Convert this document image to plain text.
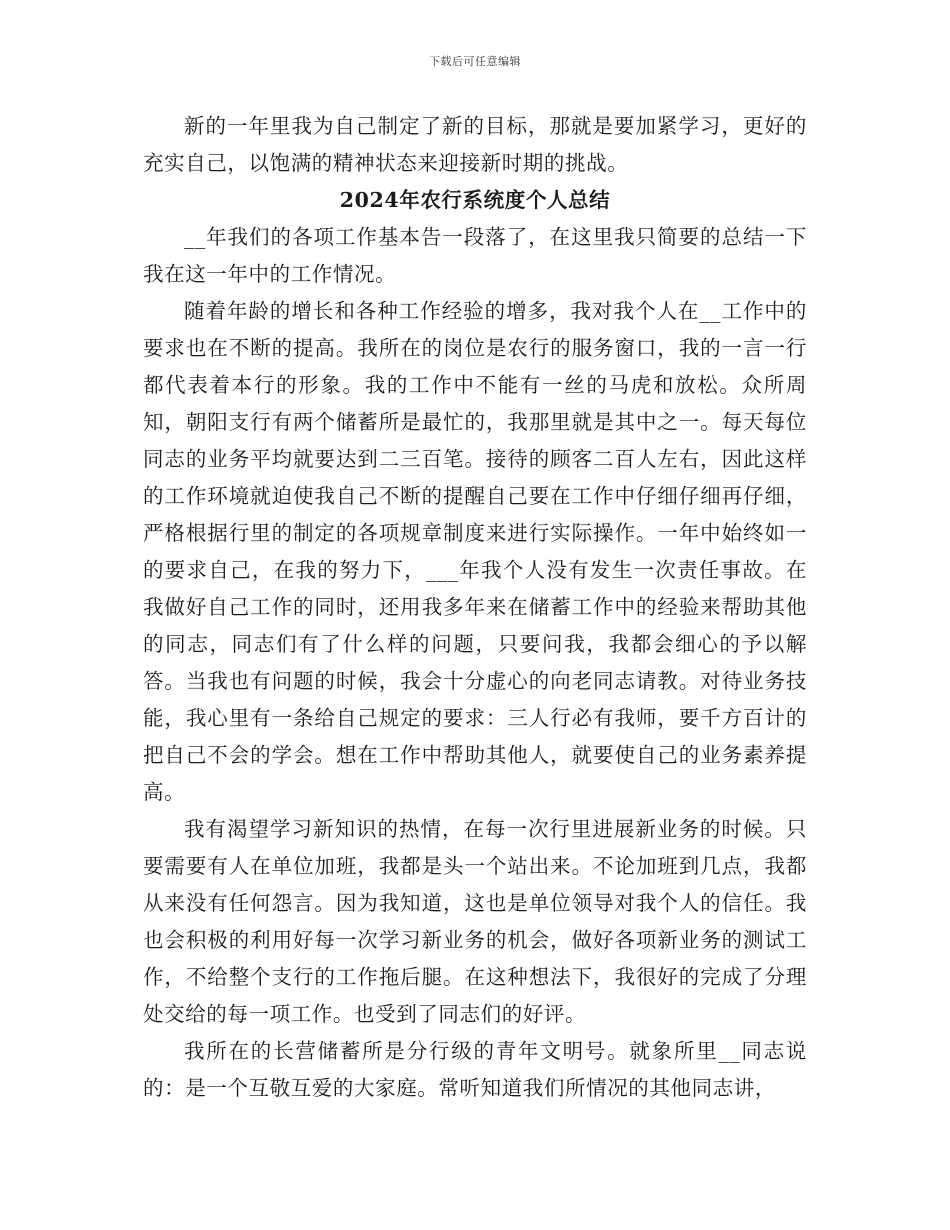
下载后可任意编辑

新的一年里我为自己制定了新的目标，那就是要加紧学习，更好的充实自己，以饱满的精神状态来迎接新时期的挑战。

2024年农行系统度个人总结

__年我们的各项工作基本告一段落了，在这里我只简要的总结一下我在这一年中的工作情况。

随着年龄的增长和各种工作经验的增多，我对我个人在__工作中的要求也在不断的提高。我所在的岗位是农行的服务窗口，我的一言一行都代表着本行的形象。我的工作中不能有一丝的马虎和放松。众所周知，朝阳支行有两个储蓄所是最忙的，我那里就是其中之一。每天每位同志的业务平均就要达到二三百笔。接待的顾客二百人左右，因此这样的工作环境就迫使我自己不断的提醒自己要在工作中仔细仔细再仔细，严格根据行里的制定的各项规章制度来进行实际操作。一年中始终如一的要求自己，在我的努力下，___年我个人没有发生一次责任事故。在我做好自己工作的同时，还用我多年来在储蓄工作中的经验来帮助其他的同志，同志们有了什么样的问题，只要问我，我都会细心的予以解答。当我也有问题的时候，我会十分虚心的向老同志请教。对待业务技能，我心里有一条给自己规定的要求：三人行必有我师，要千方百计的把自己不会的学会。想在工作中帮助其他人，就要使自己的业务素养提高。

我有渴望学习新知识的热情，在每一次行里进展新业务的时候。只要需要有人在单位加班，我都是头一个站出来。不论加班到几点，我都从来没有任何怨言。因为我知道，这也是单位领导对我个人的信任。我也会积极的利用好每一次学习新业务的机会，做好各项新业务的测试工作，不给整个支行的工作拖后腿。在这种想法下，我很好的完成了分理处交给的每一项工作。也受到了同志们的好评。

我所在的长营储蓄所是分行级的青年文明号。就象所里__同志说的：是一个互敬互爱的大家庭。常听知道我们所情况的其他同志讲，
